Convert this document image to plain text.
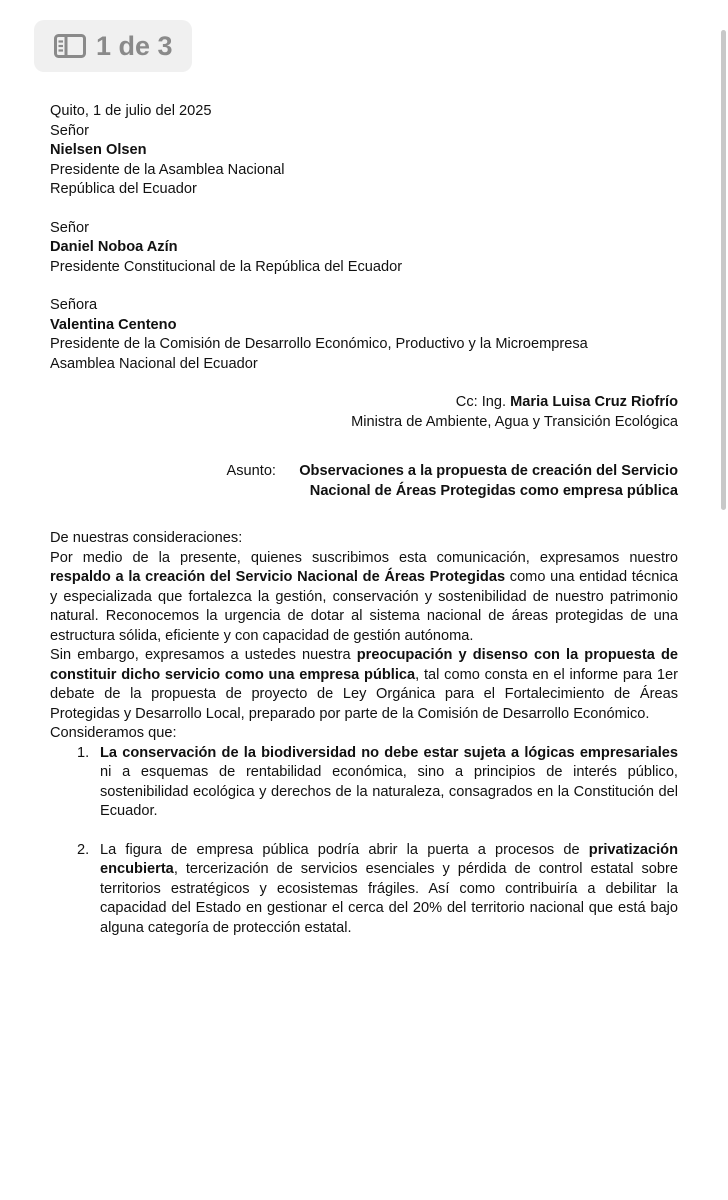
1 de 3

Quito, 1 de julio del 2025

Señor

Nielsen Olsen

Presidente de la Asamblea Nacional

República del Ecuador

Señor

Daniel Noboa Azín

Presidente Constitucional de la República del Ecuador

Señora

Valentina Centeno

Presidente de la Comisión de Desarrollo Económico, Productivo y la Microempresa

Asamblea Nacional del Ecuador

Cc: Ing. Maria Luisa Cruz Riofrío

Ministra de Ambiente, Agua y Transición Ecológica

Asunto:	Observaciones a la propuesta de creación del Servicio Nacional de Áreas Protegidas como empresa pública

De nuestras consideraciones:

Por medio de la presente, quienes suscribimos esta comunicación, expresamos nuestro respaldo a la creación del Servicio Nacional de Áreas Protegidas como una entidad técnica y especializada que fortalezca la gestión, conservación y sostenibilidad de nuestro patrimonio natural. Reconocemos la urgencia de dotar al sistema nacional de áreas protegidas de una estructura sólida, eficiente y con capacidad de gestión autónoma.

Sin embargo, expresamos a ustedes nuestra preocupación y disenso con la propuesta de constituir dicho servicio como una empresa pública, tal como consta en el informe para 1er debate de la propuesta de proyecto de Ley Orgánica para el Fortalecimiento de Áreas Protegidas y Desarrollo Local, preparado por parte de la Comisión de Desarrollo Económico.

Consideramos que:

1. La conservación de la biodiversidad no debe estar sujeta a lógicas empresariales ni a esquemas de rentabilidad económica, sino a principios de interés público, sostenibilidad ecológica y derechos de la naturaleza, consagrados en la Constitución del Ecuador.
2. La figura de empresa pública podría abrir la puerta a procesos de privatización encubierta, tercerización de servicios esenciales y pérdida de control estatal sobre territorios estratégicos y ecosistemas frágiles. Así como contribuiría a debilitar la capacidad del Estado en gestionar el cerca del 20% del territorio nacional que está bajo alguna categoría de protección estatal.
